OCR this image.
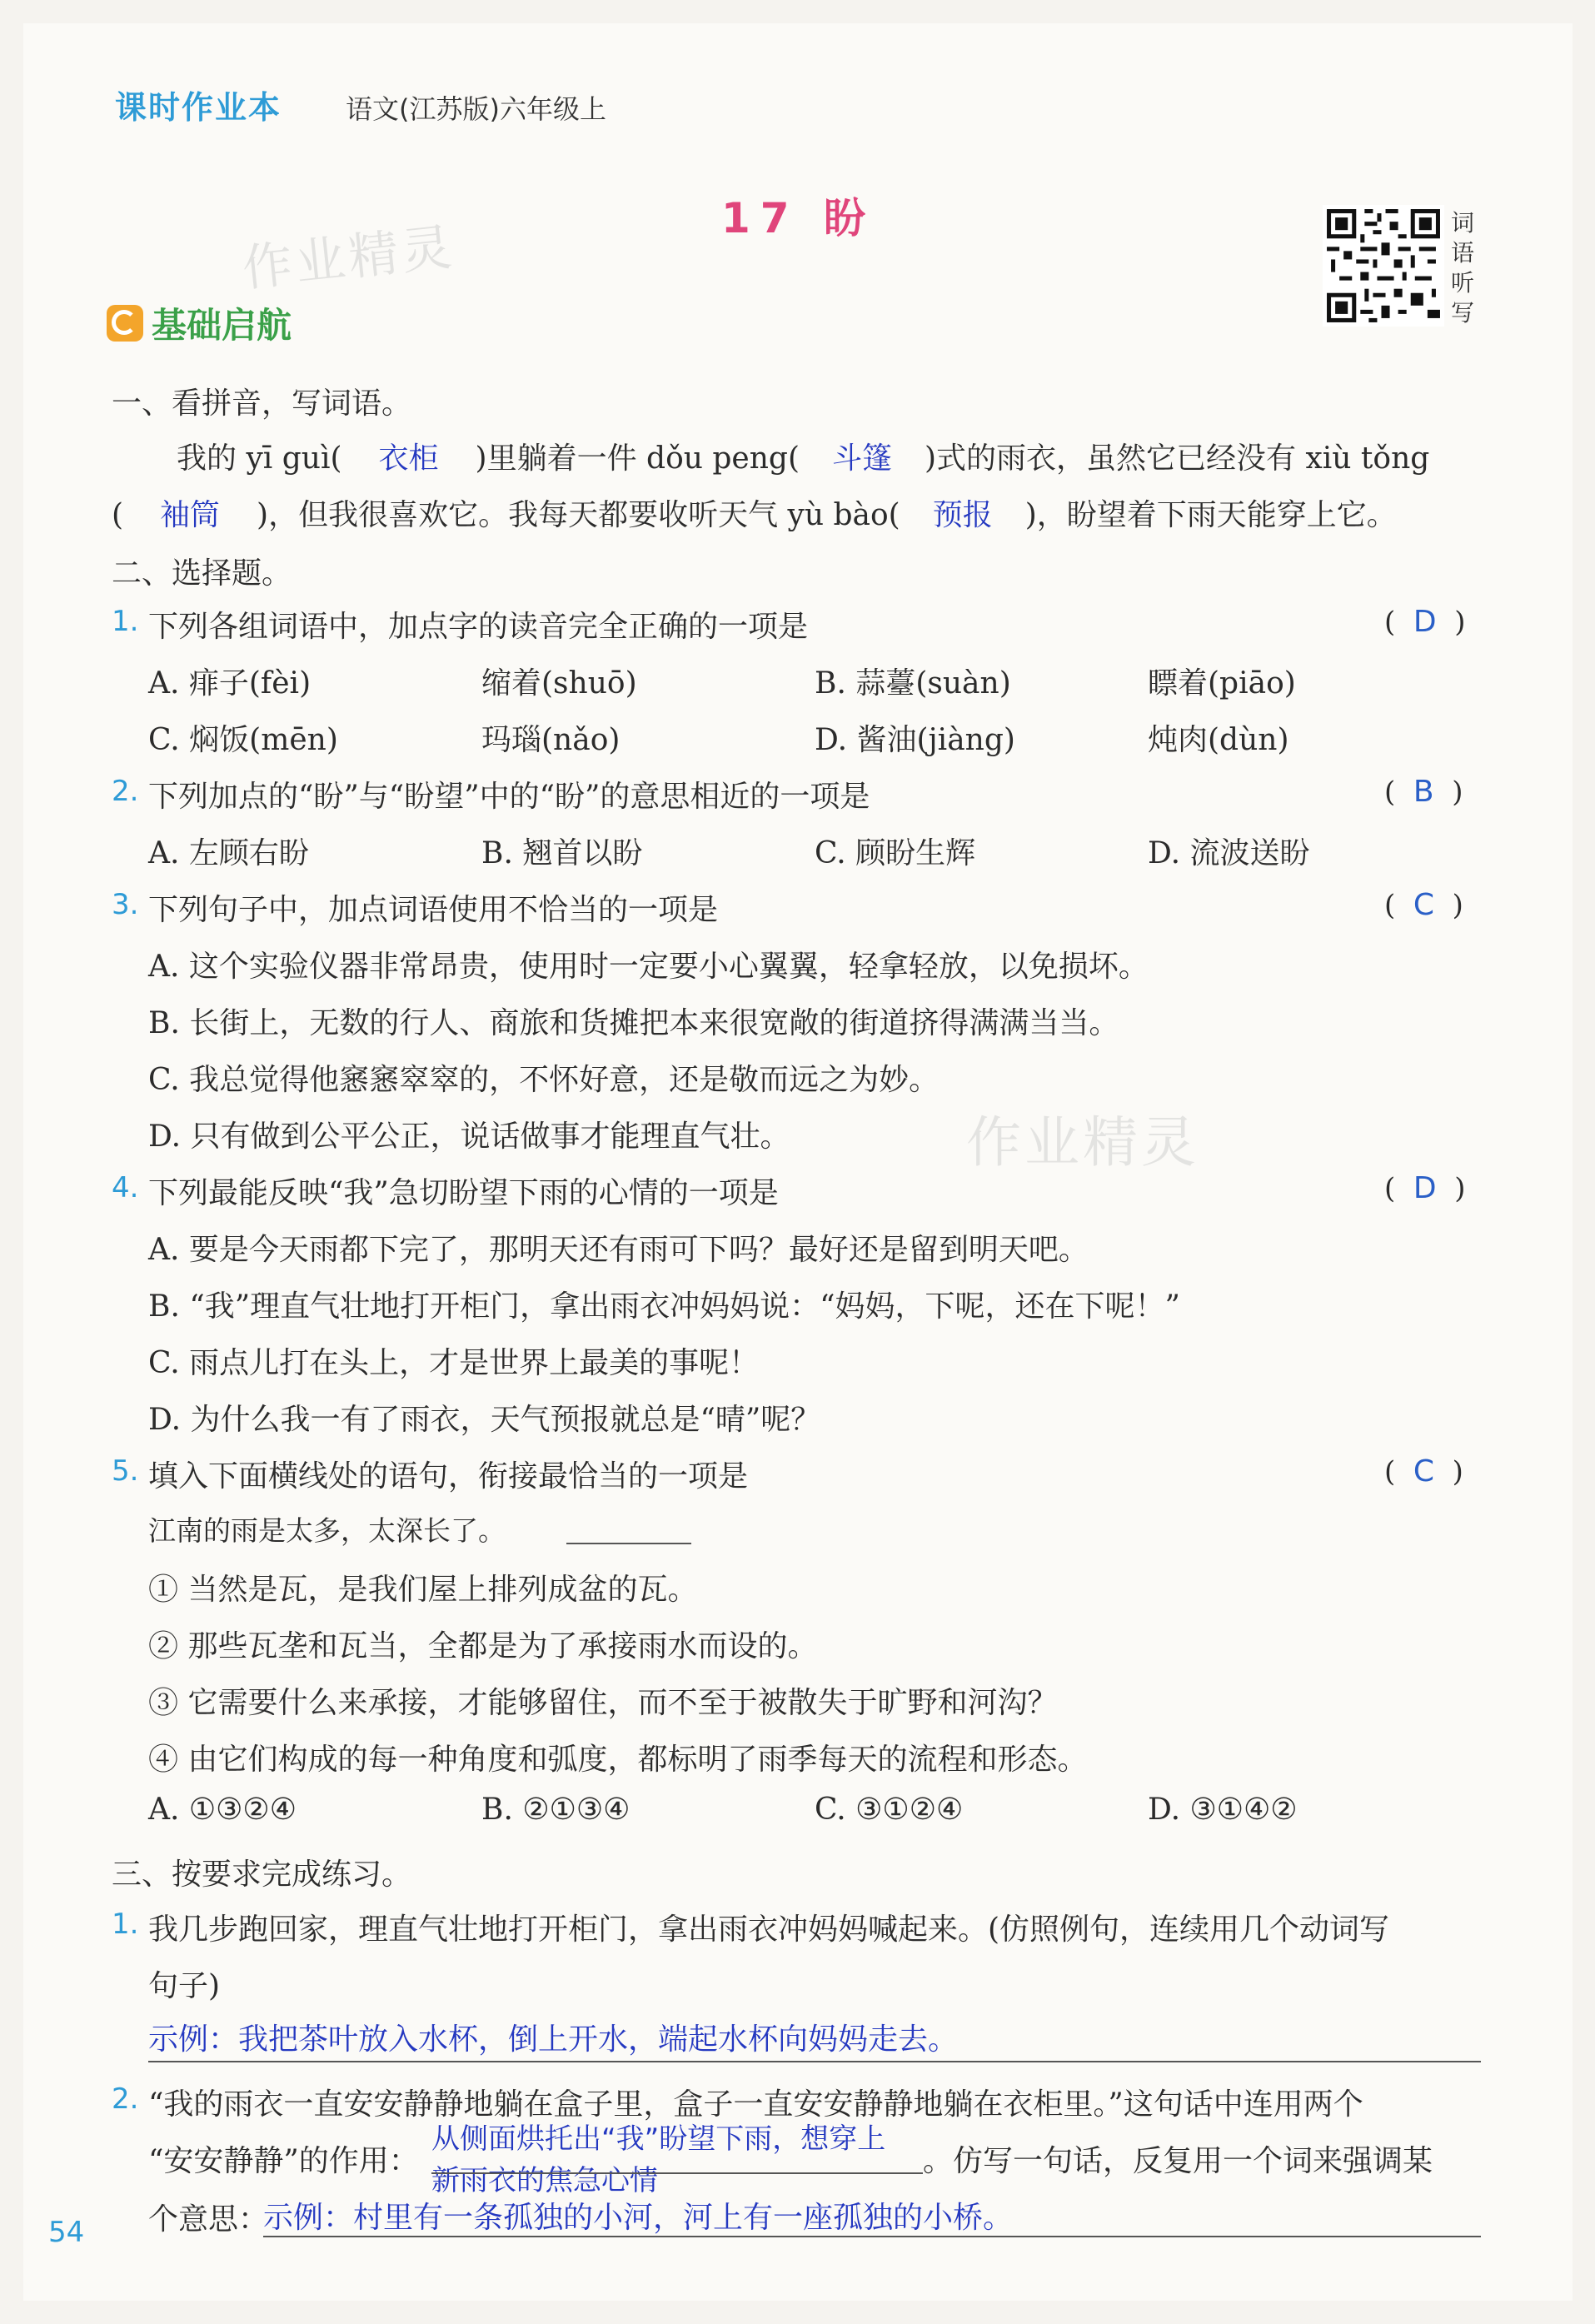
课时作业本 语文(江苏版)六年级上
17 盼
作业精灵	词语听写
基础启航
一、看拼音，写词语。
我的 yī guì( 衣柜 )里躺着一件 dǒu peng( 斗篷 )式的雨衣，虽然它已经没有 xiù tǒng
( 袖筒 )，但我很喜欢它。我每天都要收听天气 yù bào( 预报 )，盼望着下雨天能穿上它。
二、选择题。
1. 下列各组词语中，加点字的读音完全正确的一项是	(  D  )
A. 痱子(fèi)	缩着(shuō)	B. 蒜薹(suàn)	瞟着(piāo)
C. 焖饭(mēn)	玛瑙(nǎo)	D. 酱油(jiàng)	炖肉(dùn)
2. 下列加点的“盼”与“盼望”中的“盼”的意思相近的一项是	(  B  )
A. 左顾右盼	B. 翘首以盼	C. 顾盼生辉	D. 流波送盼
3. 下列句子中，加点词语使用不恰当的一项是	(  C  )
A. 这个实验仪器非常昂贵，使用时一定要小心翼翼，轻拿轻放，以免损坏。
B. 长街上，无数的行人、商旅和货摊把本来很宽敞的街道挤得满满当当。
C. 我总觉得他窸窸窣窣的，不怀好意，还是敬而远之为妙。
D. 只有做到公平公正，说话做事才能理直气壮。	作业精灵
4. 下列最能反映“我”急切盼望下雨的心情的一项是	(  D  )
A. 要是今天雨都下完了，那明天还有雨可下吗？最好还是留到明天吧。
B. “我”理直气壮地打开柜门，拿出雨衣冲妈妈说：“妈妈，下呢，还在下呢！”
C. 雨点儿打在头上，才是世界上最美的事呢！
D. 为什么我一有了雨衣，天气预报就总是“晴”呢？
5. 填入下面横线处的语句，衔接最恰当的一项是	(  C  )
江南的雨是太多，太深长了。
① 当然是瓦，是我们屋上排列成盆的瓦。
② 那些瓦垄和瓦当，全都是为了承接雨水而设的。
③ 它需要什么来承接，才能够留住，而不至于被散失于旷野和河沟？
④ 由它们构成的每一种角度和弧度，都标明了雨季每天的流程和形态。
A. ①③②④	B. ②①③④	C. ③①②④	D. ③①④②
三、按要求完成练习。
1. 我几步跑回家，理直气壮地打开柜门，拿出雨衣冲妈妈喊起来。(仿照例句，连续用几个动词写
句子)
示例：我把茶叶放入水杯，倒上开水，端起水杯向妈妈走去。
2. “我的雨衣一直安安静静地躺在盒子里，盒子一直安安静静地躺在衣柜里。”这句话中连用两个
“安安静静”的作用：
从侧面烘托出“我”盼望下雨，想穿上
新雨衣的焦急心情
。仿写一句话，反复用一个词来强调某
个意思：
示例：村里有一条孤独的小河，河上有一座孤独的小桥。
54
